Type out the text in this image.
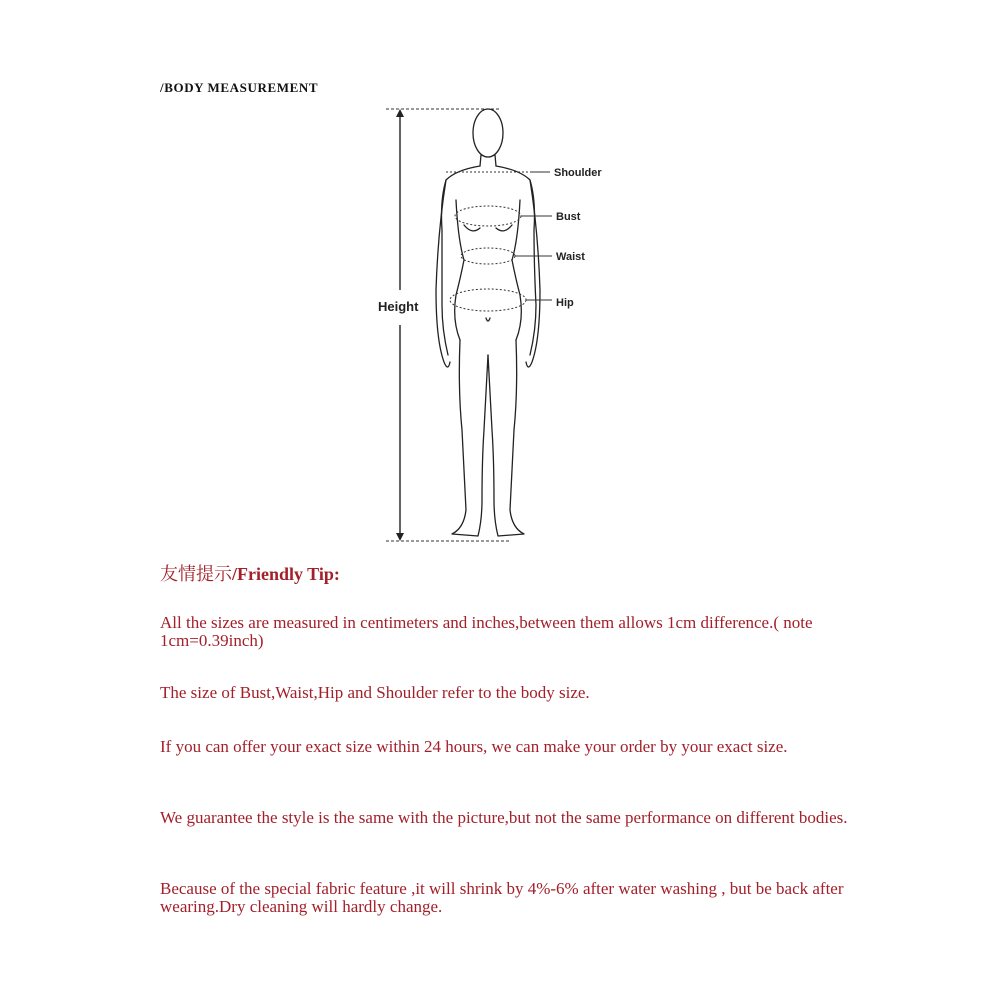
/BODY MEASUREMENT
Height
Shoulder
Bust
Waist
Hip
友情提示/Friendly Tip:

All the sizes are measured in centimeters and inches,between them allows 1cm difference.( note 1cm=0.39inch)

The size of Bust,Waist,Hip and Shoulder refer to the body size.

If you can offer your exact size within 24 hours, we can make your order by your exact size.

We guarantee the style is the same with the picture,but not the same performance on different bodies.

Because of the special fabric feature ,it will shrink by 4%-6% after water washing , but be back after wearing.Dry cleaning will hardly change.
